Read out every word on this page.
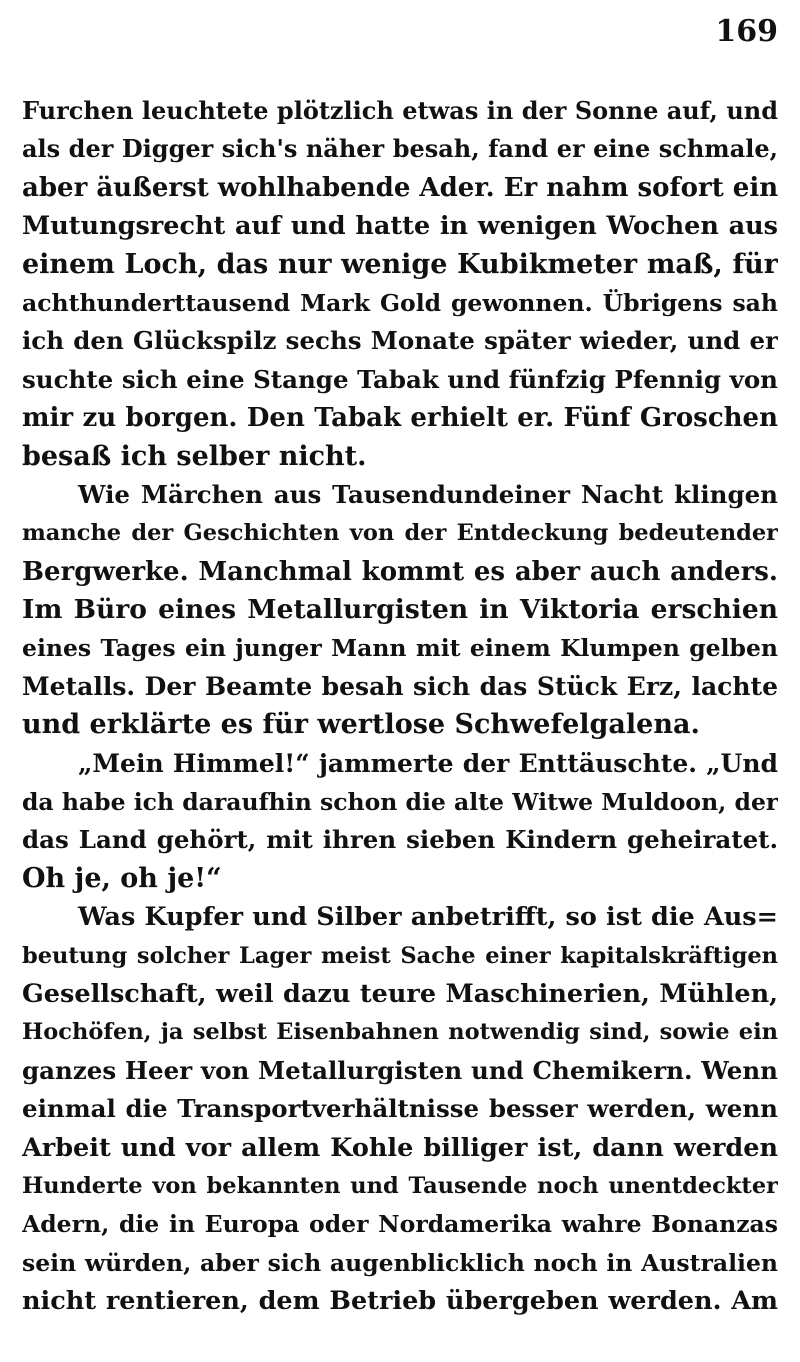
169
Furchen leuchtete plötzlich etwas in der Sonne auf, und
als der Digger sich's näher besah, fand er eine schmale,
aber äußerst wohlhabende Ader. Er nahm sofort ein
Mutungsrecht auf und hatte in wenigen Wochen aus
einem Loch, das nur wenige Kubikmeter maß, für
achthunderttausend Mark Gold gewonnen. Übrigens sah
ich den Glückspilz sechs Monate später wieder, und er
suchte sich eine Stange Tabak und fünfzig Pfennig von
mir zu borgen. Den Tabak erhielt er. Fünf Groschen
besaß ich selber nicht.
Wie Märchen aus Tausendundeiner Nacht klingen
manche der Geschichten von der Entdeckung bedeutender
Bergwerke. Manchmal kommt es aber auch anders.
Im Büro eines Metallurgisten in Viktoria erschien
eines Tages ein junger Mann mit einem Klumpen gelben
Metalls. Der Beamte besah sich das Stück Erz, lachte
und erklärte es für wertlose Schwefelgalena.
„Mein Himmel!“ jammerte der Enttäuschte. „Und
da habe ich daraufhin schon die alte Witwe Muldoon, der
das Land gehört, mit ihren sieben Kindern geheiratet.
Oh je, oh je!“
Was Kupfer und Silber anbetrifft, so ist die Aus=
beutung solcher Lager meist Sache einer kapitalskräftigen
Gesellschaft, weil dazu teure Maschinerien, Mühlen,
Hochöfen, ja selbst Eisenbahnen notwendig sind, sowie ein
ganzes Heer von Metallurgisten und Chemikern. Wenn
einmal die Transportverhältnisse besser werden, wenn
Arbeit und vor allem Kohle billiger ist, dann werden
Hunderte von bekannten und Tausende noch unentdeckter
Adern, die in Europa oder Nordamerika wahre Bonanzas
sein würden, aber sich augenblicklich noch in Australien
nicht rentieren, dem Betrieb übergeben werden. Am
